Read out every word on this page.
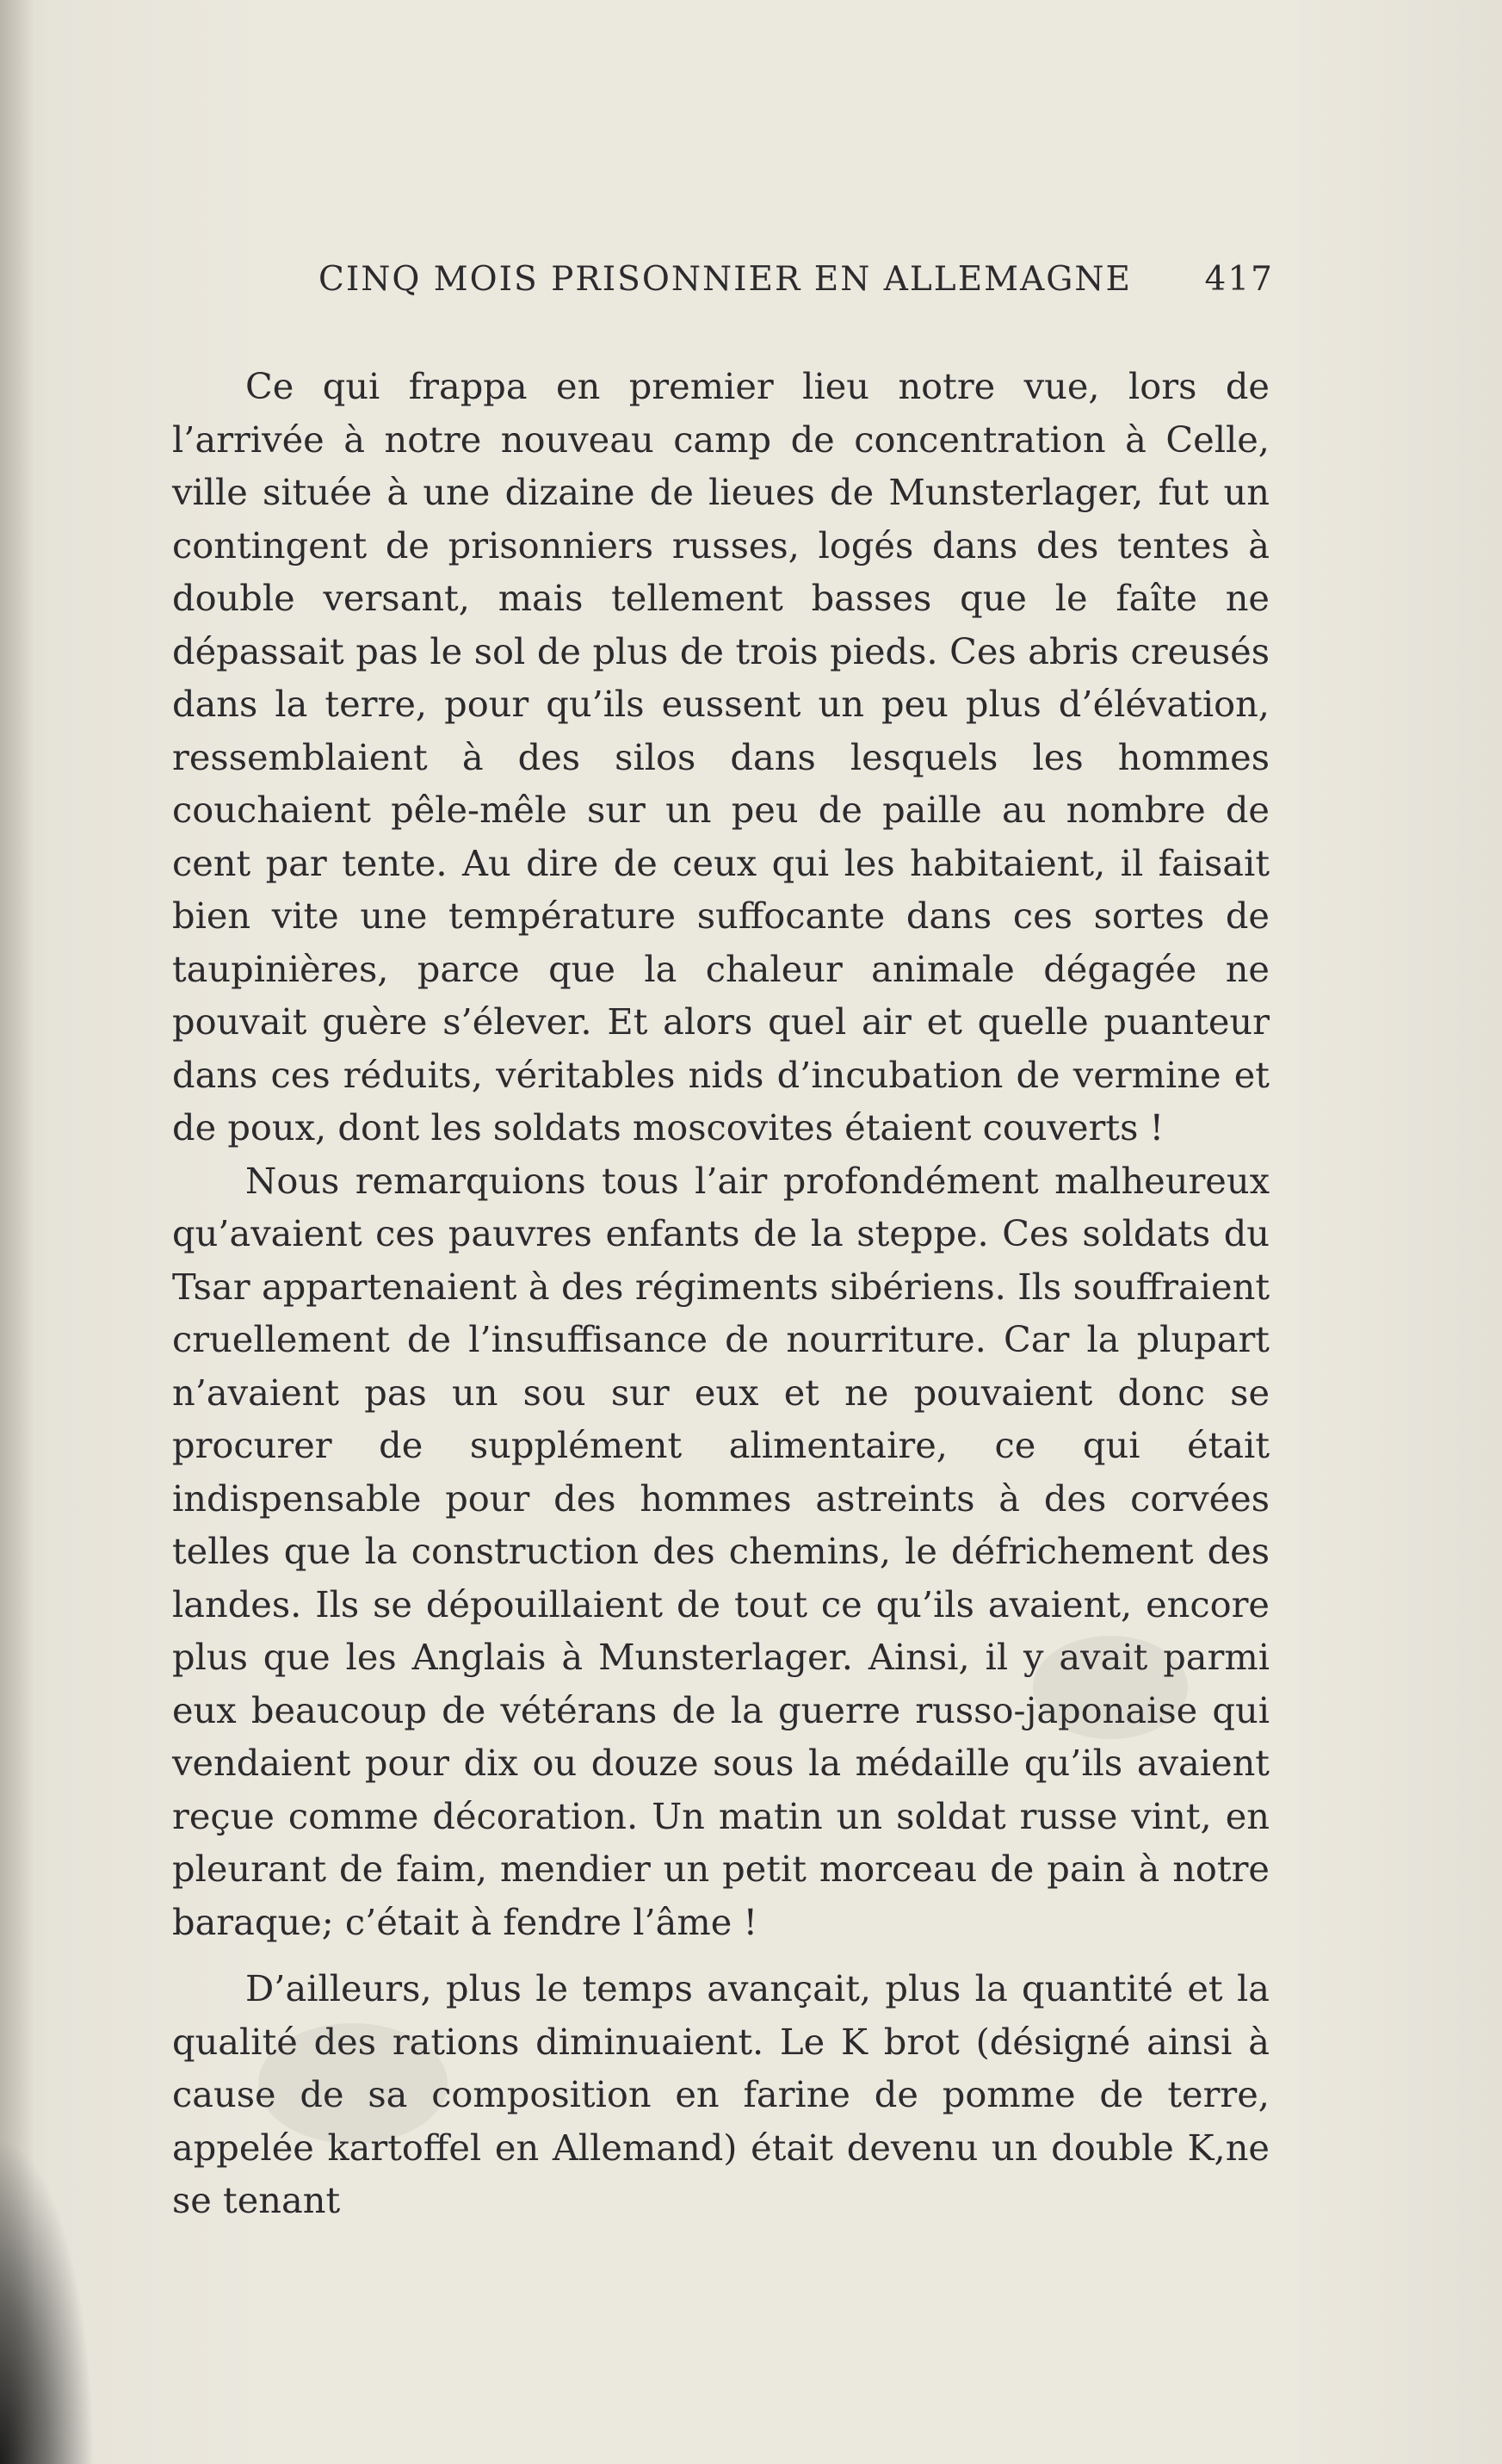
CINQ MOIS PRISONNIER EN ALLEMAGNE 417

Ce qui frappa en premier lieu notre vue, lors de l’arrivée à notre nouveau camp de concentration à Celle, ville située à une dizaine de lieues de Munsterlager, fut un contingent de prisonniers russes, logés dans des tentes à double versant, mais tellement basses que le faîte ne dépassait pas le sol de plus de trois pieds. Ces abris creusés dans la terre, pour qu’ils eussent un peu plus d’élévation, ressemblaient à des silos dans lesquels les hommes couchaient pêle-mêle sur un peu de paille au nombre de cent par tente. Au dire de ceux qui les habitaient, il faisait bien vite une température suffocante dans ces sortes de taupinières, parce que la chaleur animale dégagée ne pouvait guère s’élever. Et alors quel air et quelle puanteur dans ces réduits, véritables nids d’incubation de vermine et de poux, dont les soldats moscovites étaient couverts !

Nous remarquions tous l’air profondément malheureux qu’avaient ces pauvres enfants de la steppe. Ces soldats du Tsar appartenaient à des régiments sibériens. Ils souffraient cruellement de l’insuffisance de nourriture. Car la plupart n’avaient pas un sou sur eux et ne pouvaient donc se procurer de supplément alimentaire, ce qui était indispensable pour des hommes astreints à des corvées telles que la construction des chemins, le défrichement des landes. Ils se dépouillaient de tout ce qu’ils avaient, encore plus que les Anglais à Munsterlager. Ainsi, il y avait parmi eux beaucoup de vétérans de la guerre russo-japonaise qui vendaient pour dix ou douze sous la médaille qu’ils avaient reçue comme décoration. Un matin un soldat russe vint, en pleurant de faim, mendier un petit morceau de pain à notre baraque; c’était à fendre l’âme !

D’ailleurs, plus le temps avançait, plus la quantité et la qualité des rations diminuaient. Le K brot (désigné ainsi à cause de sa composition en farine de pomme de terre, appelée kartoffel en Allemand) était devenu un double K,ne se tenant
